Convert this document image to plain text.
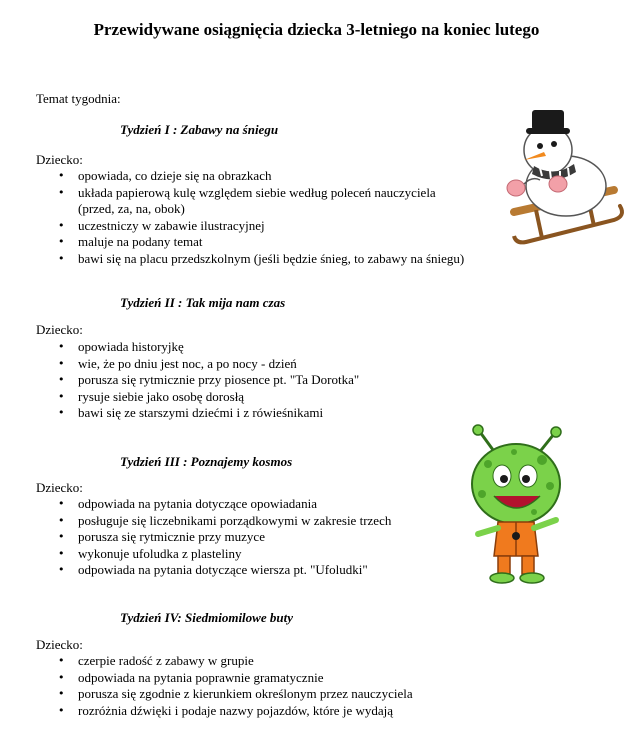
Przewidywane osiągnięcia dziecka 3-letniego na koniec lutego
Temat tygodnia:
Tydzień I : Zabawy na śniegu
Dziecko:
• opowiada, co dzieje się na obrazkach
• układa papierową kulę względem siebie według poleceń nauczyciela
(przed, za, na, obok)
• uczestniczy w zabawie ilustracyjnej
• maluje na podany temat
• bawi się na placu przedszkolnym (jeśli będzie śnieg, to zabawy na śniegu)
Tydzień II : Tak mija nam czas
Dziecko:
• opowiada historyjkę
• wie, że po dniu jest noc, a po nocy - dzień
• porusza się rytmicznie przy piosence pt. "Ta Dorotka"
• rysuje siebie jako osobę dorosłą
• bawi się ze starszymi dziećmi i z rówieśnikami
Tydzień III : Poznajemy kosmos
Dziecko:
• odpowiada na pytania dotyczące opowiadania
• posługuje się liczebnikami porządkowymi w zakresie trzech
• porusza się rytmicznie przy muzyce
• wykonuje ufoludka z plasteliny
• odpowiada na pytania dotyczące wiersza pt. "Ufoludki"
Tydzień IV: Siedmiomilowe buty
Dziecko:
• czerpie radość z zabawy w grupie
• odpowiada na pytania poprawnie gramatycznie
• porusza się zgodnie z kierunkiem określonym przez nauczyciela
• rozróżnia dźwięki i podaje nazwy pojazdów, które je wydają
